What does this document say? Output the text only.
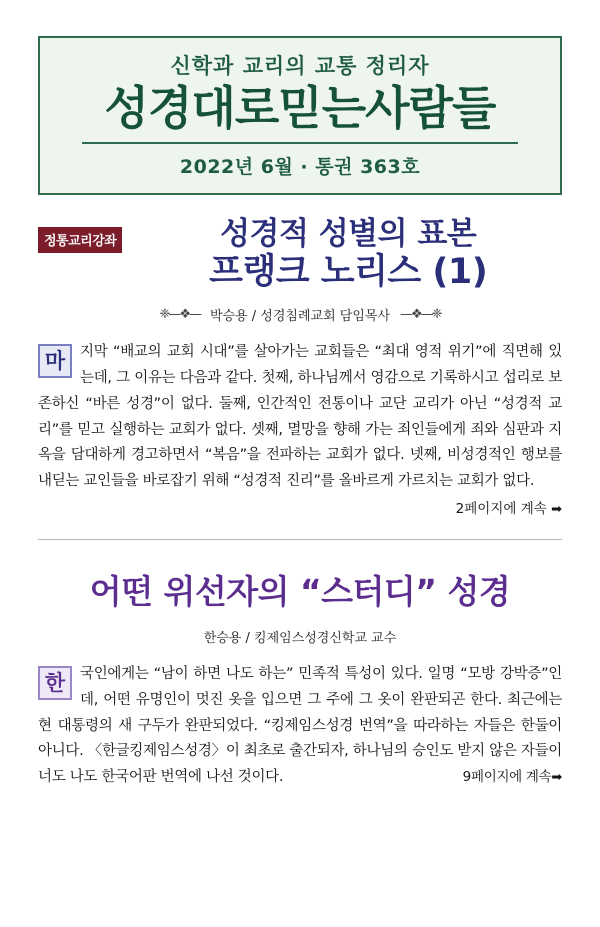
신학과 교리의 교통 정리자
성경대로믿는사람들
2022년 6월 · 통권 363호
정통교리강좌	성경적 성별의 표본
프랭크 노리스 (1)
❈—❖— 박승용 / 성경침례교회 담임목사 —❖—❈
마	지막 “배교의 교회 시대”를 살아가는 교회들은 “최대 영적 위기”에 직면해 있는데, 그 이유는 다음과 같다. 첫째, 하나님께서 영감으로 기록하시고 섭리로 보존하신 “바른 성경”이 없다. 둘째, 인간적인 전통이나 교단 교리가 아닌 “성경적 교리”를 믿고 실행하는 교회가 없다. 셋째, 멸망을 향해 가는 죄인들에게 죄와 심판과 지옥을 담대하게 경고하면서 “복음”을 전파하는 교회가 없다. 넷째, 비성경적인 행보를 내딛는 교인들을 바로잡기 위해 “성경적 진리”를 올바르게 가르치는 교회가 없다.
2페이지에 계속 ➡
어떤 위선자의 “스터디” 성경
한승용 / 킹제임스성경신학교 교수
한	국인에게는 “남이 하면 나도 하는” 민족적 특성이 있다. 일명 “모방 강박증”인데, 어떤 유명인이 멋진 옷을 입으면 그 주에 그 옷이 완판되곤 한다. 최근에는 현 대통령의 새 구두가 완판되었다. “킹제임스성경 번역”을 따라하는 자들은 한둘이 아니다. 〈한글킹제임스성경〉이 최초로 출간되자, 하나님의 승인도 받지 않은 자들이 너도 나도 한국어판 번역에 나선 것이다.	9페이지에 계속➡
